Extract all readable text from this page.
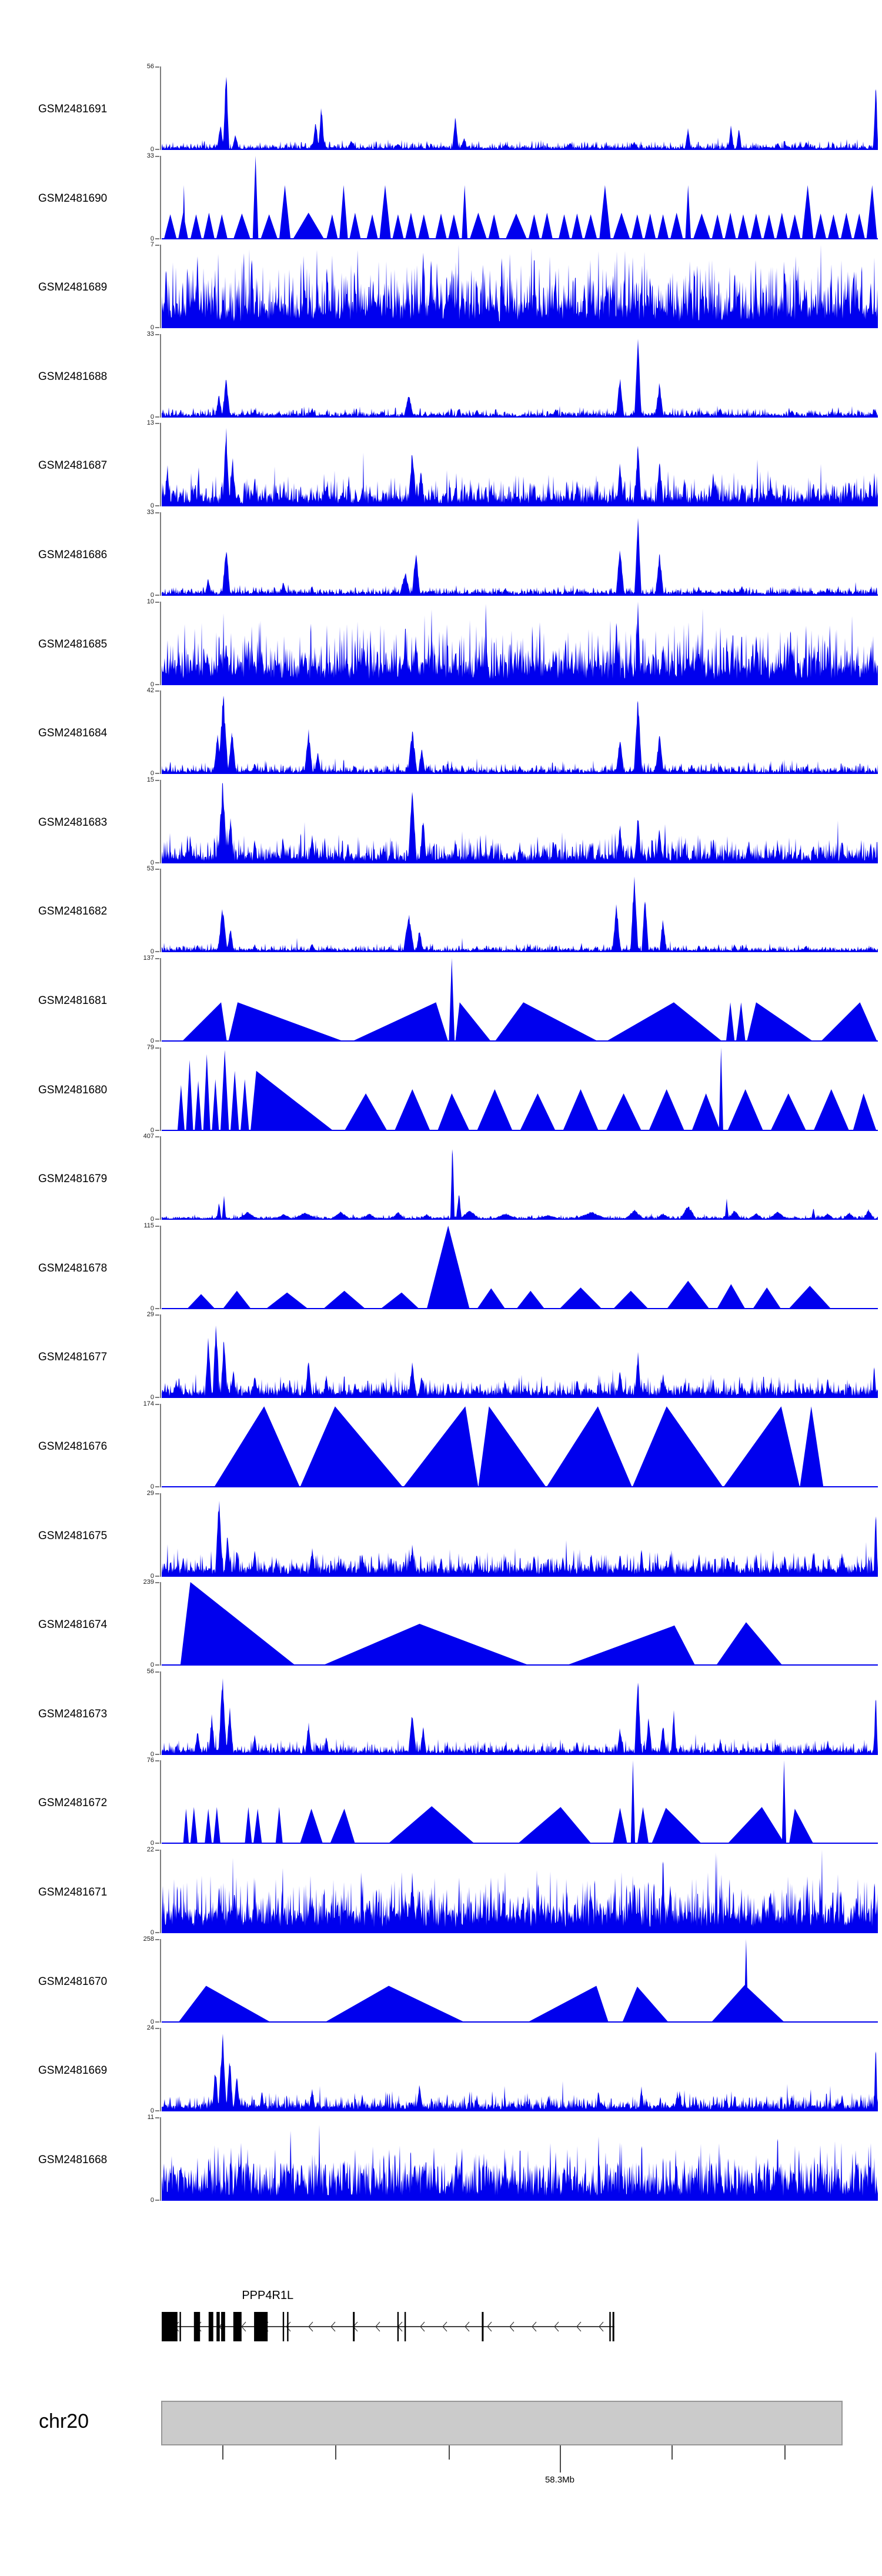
GSM2481691
56
0
GSM2481690
33
0
GSM2481689
7
0
GSM2481688
33
0
GSM2481687
13
0
GSM2481686
33
0
GSM2481685
10
0
GSM2481684
42
0
GSM2481683
15
0
GSM2481682
53
0
GSM2481681
137
0
GSM2481680
79
0
GSM2481679
407
0
GSM2481678
115
0
GSM2481677
29
0
GSM2481676
174
0
GSM2481675
29
0
GSM2481674
239
0
GSM2481673
56
0
GSM2481672
76
0
GSM2481671
22
0
GSM2481670
258
0
GSM2481669
24
0
GSM2481668
11
0
PPP4R1L
chr20
58.3Mb
